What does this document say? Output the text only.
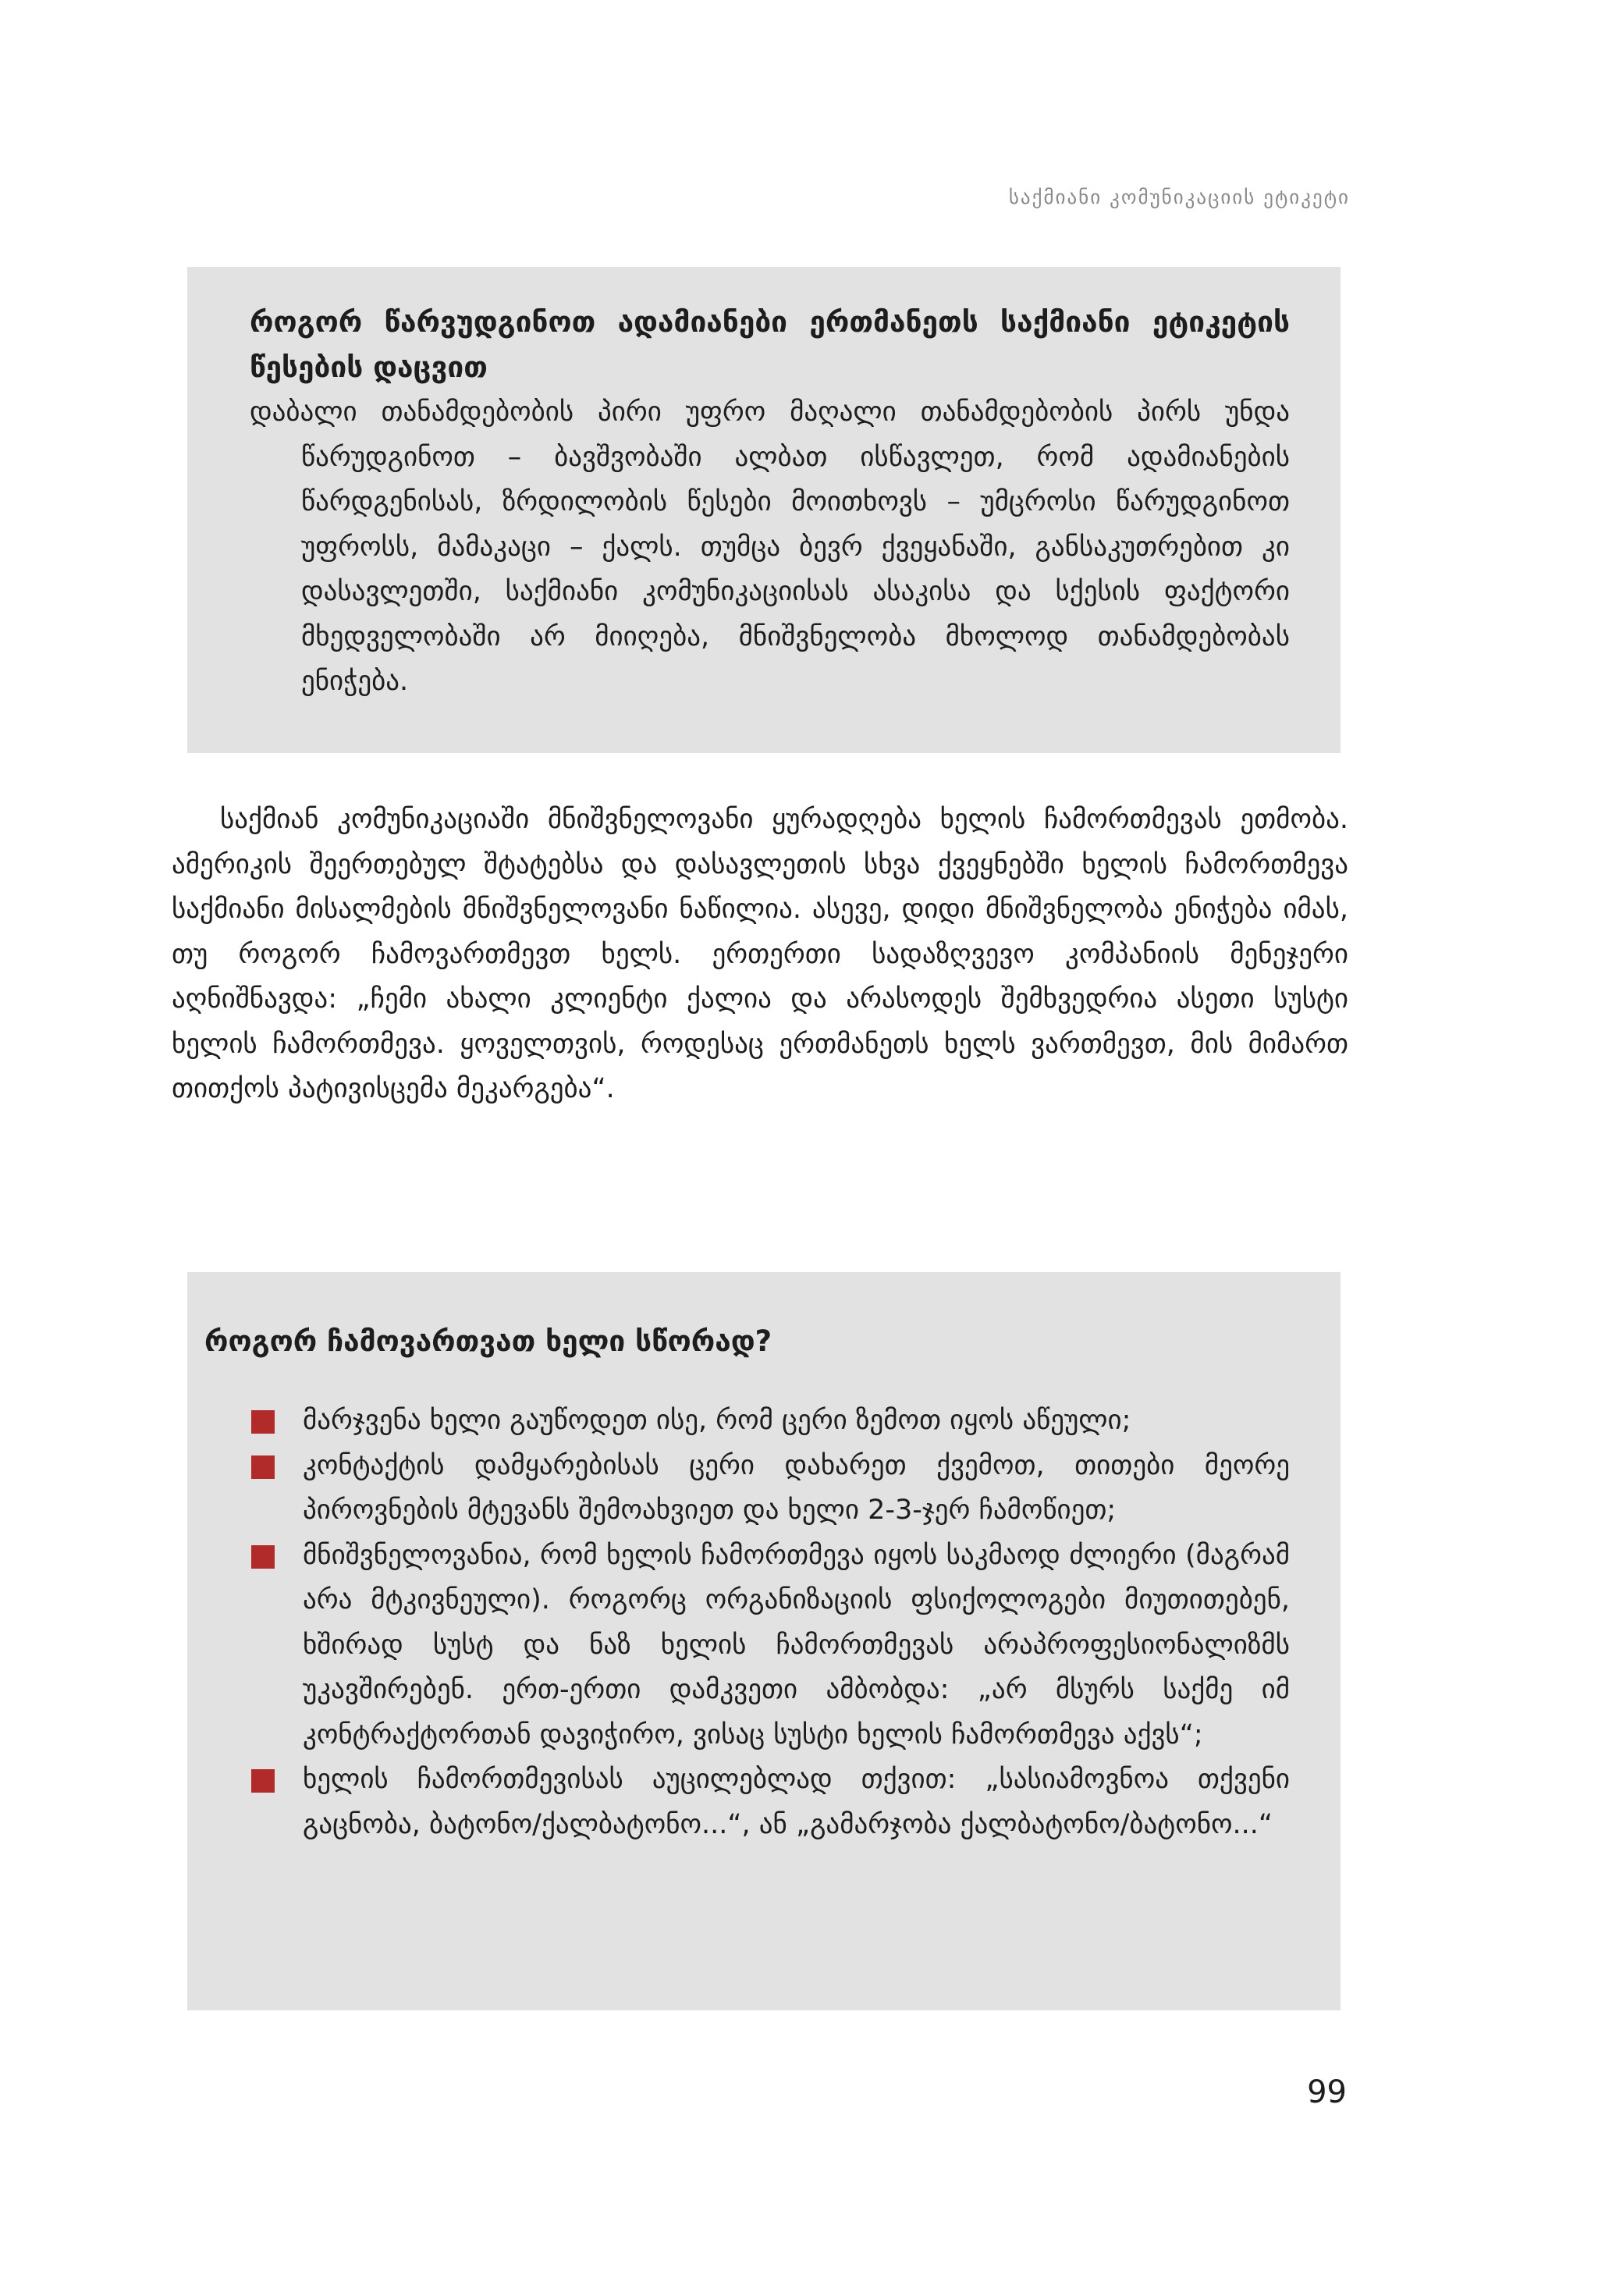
საქმიანი კომუნიკაციის ეტიკეტი
როგორ წარვუდგინოთ ადამიანები ერთმანეთს საქმიანი ეტიკეტის წესების დაცვით

დაბალი თანამდებობის პირი უფრო მაღალი თანამდებობის პირს უნდა წარუდგინოთ – ბავშვობაში ალბათ ისწავლეთ, რომ ადამიანების წარდგენისას, ზრდილობის წესები მოითხოვს – უმცროსი წარუდგინოთ უფროსს, მამაკაცი – ქალს. თუმცა ბევრ ქვეყანაში, განსაკუთრებით კი დასავლეთში, საქმიანი კომუნიკაციისას ასაკისა და სქესის ფაქტორი მხედველობაში არ მიიღება, მნიშვნელობა მხოლოდ თანამდებობას ენიჭება.

საქმიან კომუნიკაციაში მნიშვნელოვანი ყურადღება ხელის ჩამორთმევას ეთმობა. ამერიკის შეერთებულ შტატებსა და დასავლეთის სხვა ქვეყნებში ხელის ჩამორთმევა საქმიანი მისალმების მნიშვნელოვანი ნაწილია. ასევე, დიდი მნიშვნელობა ენიჭება იმას, თუ როგორ ჩამოვართმევთ ხელს. ერთერთი სადაზღვევო კომპანიის მენეჯერი აღნიშნავდა: „ჩემი ახალი კლიენტი ქალია და არასოდეს შემხვედრია ასეთი სუსტი ხელის ჩამორთმევა. ყოველთვის, როდესაც ერთმანეთს ხელს ვართმევთ, მის მიმართ თითქოს პატივისცემა მეკარგება“.

როგორ ჩამოვართვათ ხელი სწორად?
მარჯვენა ხელი გაუწოდეთ ისე, რომ ცერი ზემოთ იყოს აწეული;
კონტაქტის დამყარებისას ცერი დახარეთ ქვემოთ, თითები მეორე პიროვნების მტევანს შემოახვიეთ და ხელი 2-3-ჯერ ჩამოწიეთ;
მნიშვნელოვანია, რომ ხელის ჩამორთმევა იყოს საკმაოდ ძლიერი (მაგრამ არა მტკივნეული). როგორც ორგანიზაციის ფსიქოლოგები მიუთითებენ, ხშირად სუსტ და ნაზ ხელის ჩამორთმევას არაპროფესიონალიზმს უკავშირებენ. ერთ-ერთი დამკვეთი ამბობდა: „არ მსურს საქმე იმ კონტრაქტორთან დავიჭირო, ვისაც სუსტი ხელის ჩამორთმევა აქვს“;
ხელის ჩამორთმევისას აუცილებლად თქვით: „სასიამოვნოა თქვენი გაცნობა, ბატონო/ქალბატონო...“, ან „გამარჯობა ქალბატონო/ბატონო...“
99
